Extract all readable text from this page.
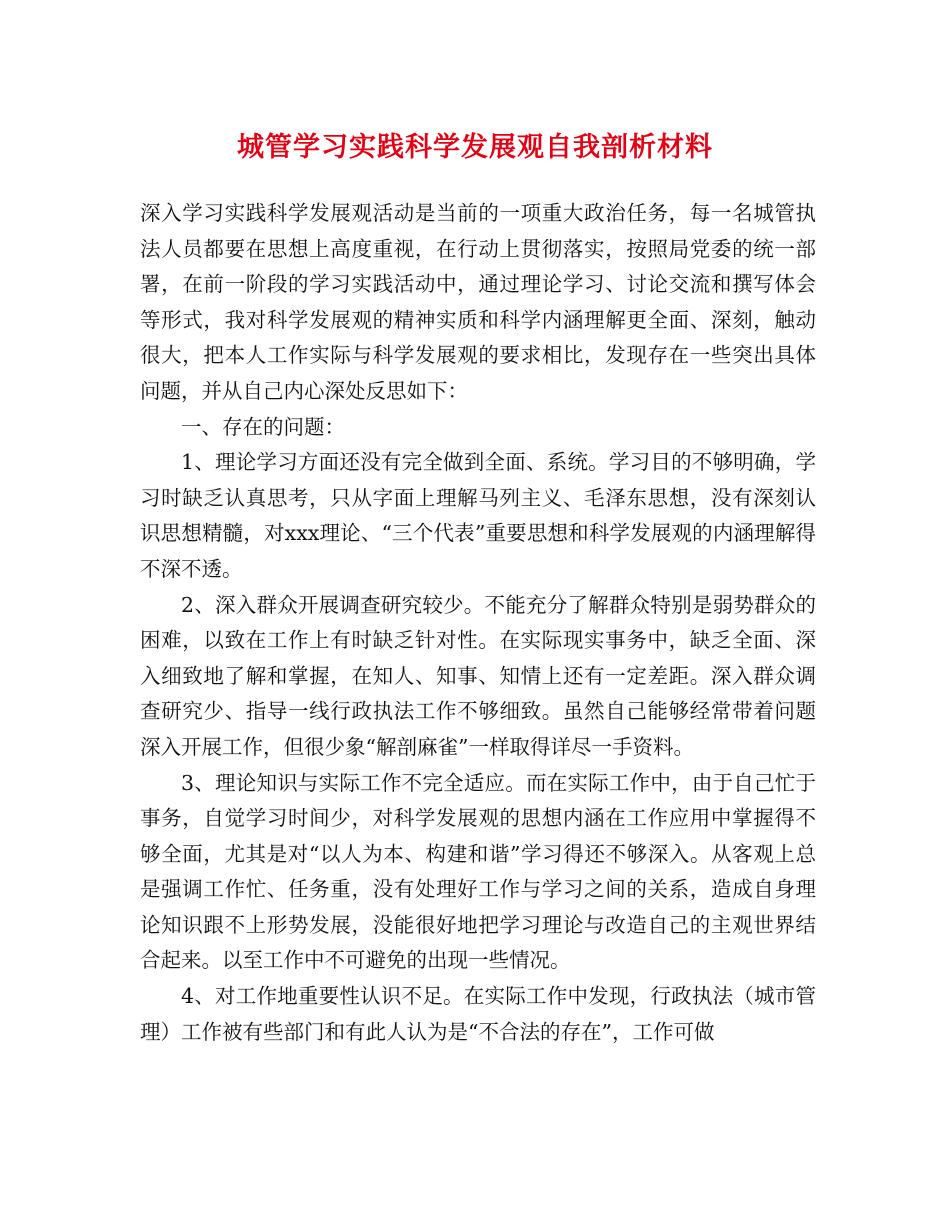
城管学习实践科学发展观自我剖析材料

深入学习实践科学发展观活动是当前的一项重大政治任务，每一名城管执法人员都要在思想上高度重视，在行动上贯彻落实，按照局党委的统一部署，在前一阶段的学习实践活动中，通过理论学习、讨论交流和撰写体会等形式，我对科学发展观的精神实质和科学内涵理解更全面、深刻，触动很大，把本人工作实际与科学发展观的要求相比，发现存在一些突出具体问题，并从自己内心深处反思如下：

一、存在的问题：

1、理论学习方面还没有完全做到全面、系统。学习目的不够明确，学习时缺乏认真思考，只从字面上理解马列主义、毛泽东思想，没有深刻认识思想精髓，对xxx理论、“三个代表”重要思想和科学发展观的内涵理解得不深不透。

2、深入群众开展调查研究较少。不能充分了解群众特别是弱势群众的困难，以致在工作上有时缺乏针对性。在实际现实事务中，缺乏全面、深入细致地了解和掌握，在知人、知事、知情上还有一定差距。深入群众调查研究少、指导一线行政执法工作不够细致。虽然自己能够经常带着问题深入开展工作，但很少象“解剖麻雀”一样取得详尽一手资料。

3、理论知识与实际工作不完全适应。而在实际工作中，由于自己忙于事务，自觉学习时间少，对科学发展观的思想内涵在工作应用中掌握得不够全面，尤其是对“以人为本、构建和谐”学习得还不够深入。从客观上总是强调工作忙、任务重，没有处理好工作与学习之间的关系，造成自身理论知识跟不上形势发展，没能很好地把学习理论与改造自己的主观世界结合起来。以至工作中不可避免的出现一些情况。

4、对工作地重要性认识不足。在实际工作中发现，行政执法（城市管理）工作被有些部门和有此人认为是“不合法的存在”，工作可做
